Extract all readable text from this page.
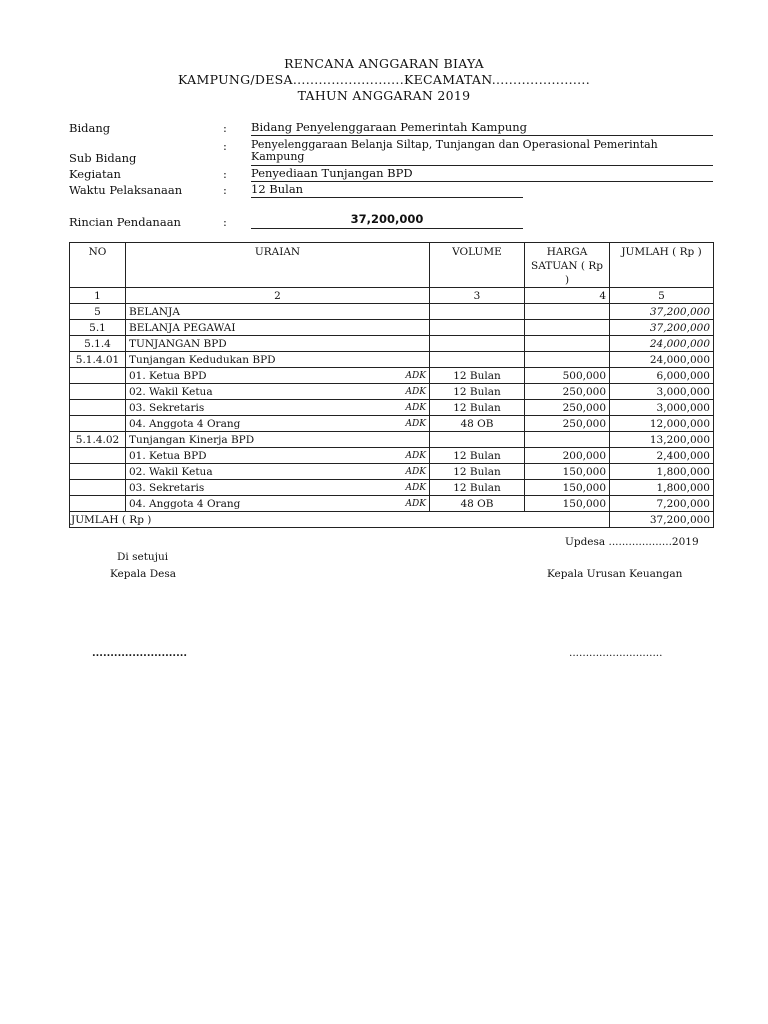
RENCANA ANGGARAN BIAYA
KAMPUNG/DESA..........................KECAMATAN.......................
TAHUN ANGGARAN 2019
Bidang	: Bidang Penyelenggaraan Pemerintah Kampung
:
Sub Bidang
Penyelenggaraan Belanja Siltap, Tunjangan dan Operasional Pemerintah Kampung
Kegiatan	: Penyediaan Tunjangan BPD
Waktu Pelaksanaan	: 12 Bulan
Rincian Pendanaan	:	37,200,000
NO	URAIAN	VOLUME	HARGA SATUAN ( Rp )	JUMLAH ( Rp )
1	2	3	4	5
5	BELANJA			37,200,000
5.1	BELANJA PEGAWAI			37,200,000
5.1.4	TUNJANGAN BPD			24,000,000
5.1.4.01	Tunjangan Kedudukan BPD			24,000,000

	01. Ketua BPD ADK	12 Bulan	500,000	6,000,000

	02. Wakil Ketua ADK	12 Bulan	250,000	3,000,000

	03. Sekretaris ADK	12 Bulan	250,000	3,000,000

	04. Anggota 4 Orang ADK	48 OB	250,000	12,000,000
5.1.4.02	Tunjangan Kinerja BPD			13,200,000

	01. Ketua BPD ADK	12 Bulan	200,000	2,400,000

	02. Wakil Ketua ADK	12 Bulan	150,000	1,800,000

	03. Sekretaris ADK	12 Bulan	150,000	1,800,000

	04. Anggota 4 Orang ADK	48 OB	150,000	7,200,000
JUMLAH ( Rp )				37,200,000
Updesa ...................2019
Di setujui
Kepala Desa	Kepala Urusan Keuangan
..........................	............................
